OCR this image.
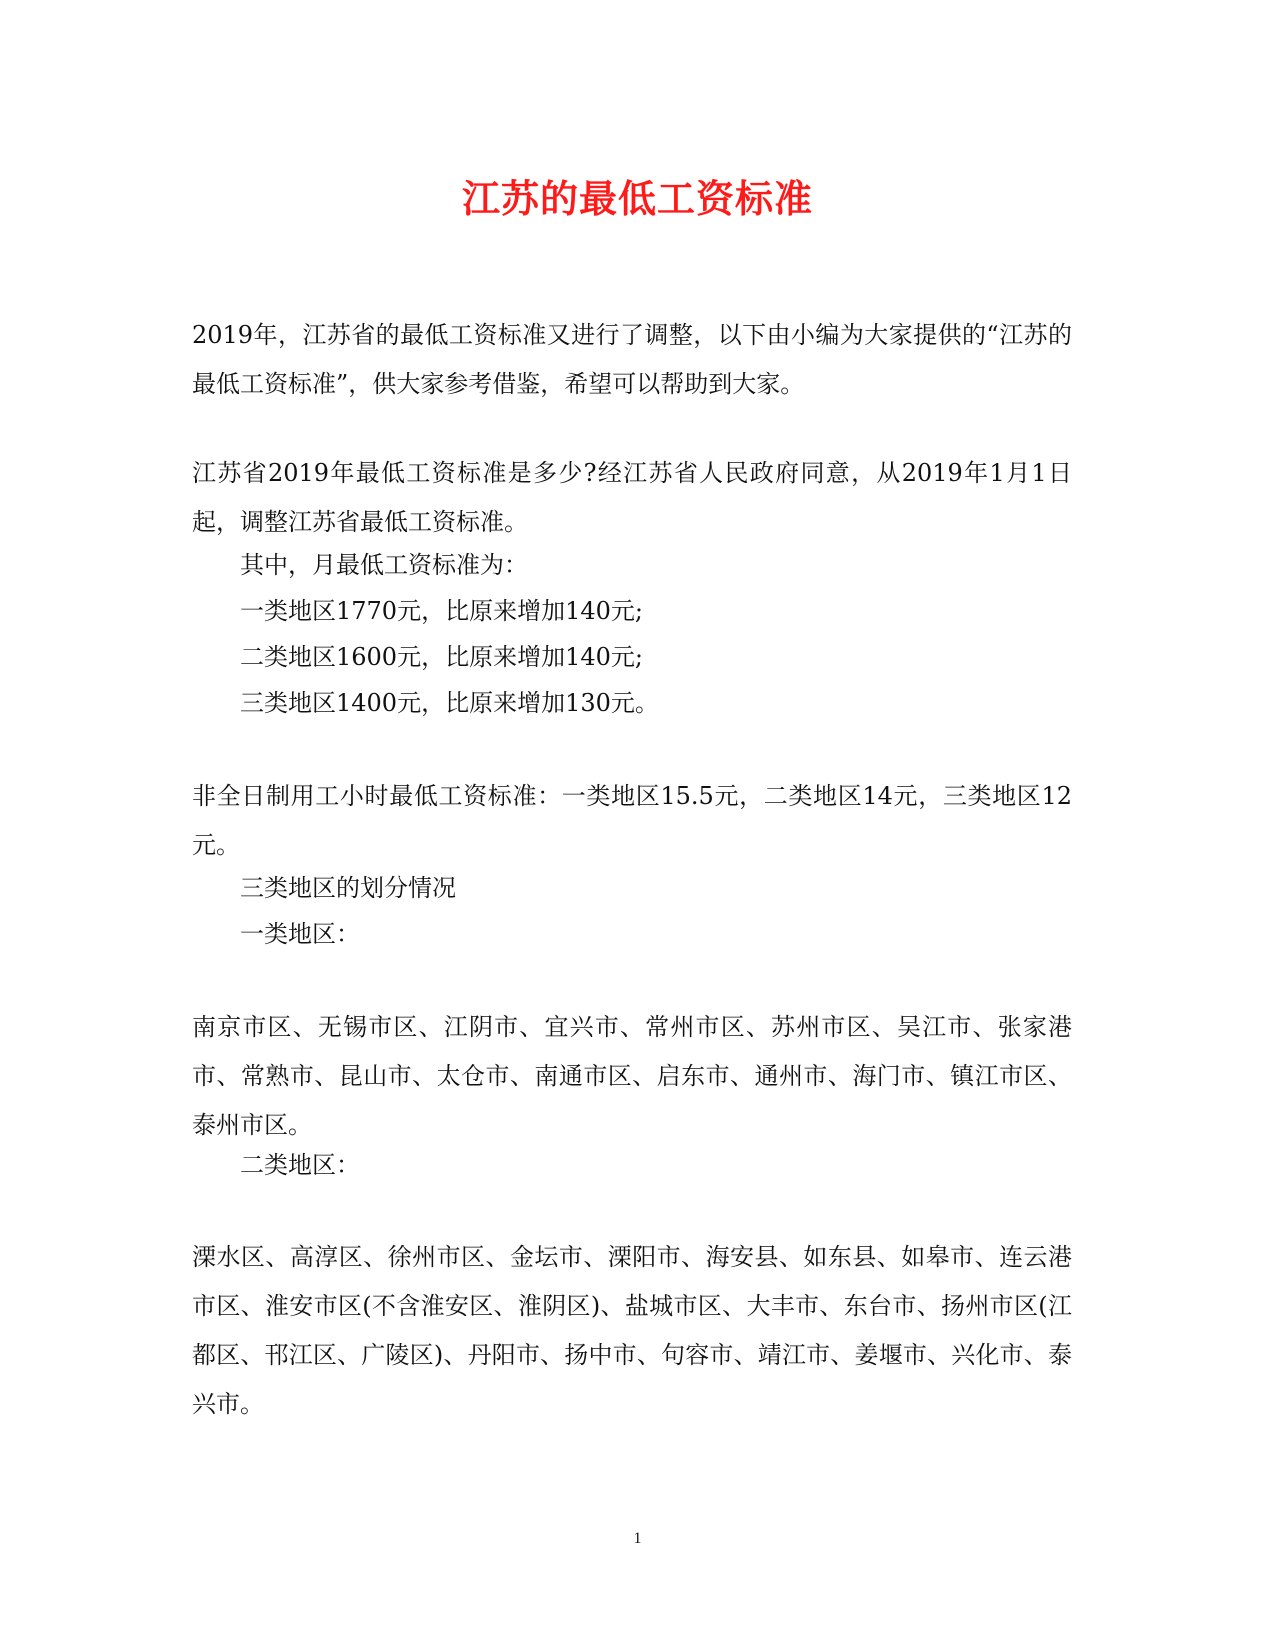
江苏的最低工资标准
2019年，江苏省的最低工资标准又进行了调整，以下由小编为大家提供的“江苏的最低工资标准”，供大家参考借鉴，希望可以帮助到大家。
江苏省2019年最低工资标准是多少?经江苏省人民政府同意，从2019年1月1日起，调整江苏省最低工资标准。
其中，月最低工资标准为：
一类地区1770元，比原来增加140元;
二类地区1600元，比原来增加140元;
三类地区1400元，比原来增加130元。
非全日制用工小时最低工资标准：一类地区15.5元，二类地区14元，三类地区12元。
三类地区的划分情况
一类地区：
南京市区、无锡市区、江阴市、宜兴市、常州市区、苏州市区、吴江市、张家港市、常熟市、昆山市、太仓市、南通市区、启东市、通州市、海门市、镇江市区、泰州市区。
二类地区：
溧水区、高淳区、徐州市区、金坛市、溧阳市、海安县、如东县、如皋市、连云港市区、淮安市区(不含淮安区、淮阴区)、盐城市区、大丰市、东台市、扬州市区(江都区、邗江区、广陵区)、丹阳市、扬中市、句容市、靖江市、姜堰市、兴化市、泰兴市。
1
